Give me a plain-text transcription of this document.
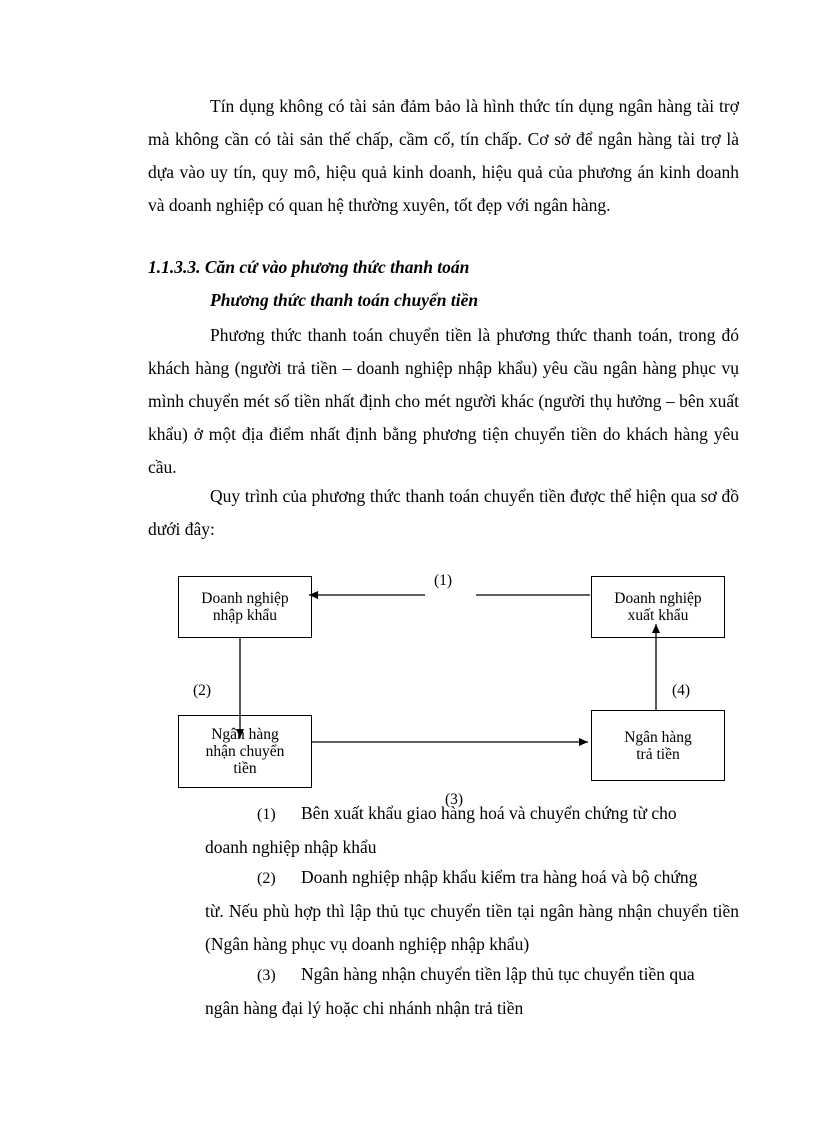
Tín dụng không có tài sản đảm bảo là hình thức tín dụng ngân hàng tài trợ mà không cần có tài sản thế chấp, cầm cố, tín chấp. Cơ sở để ngân hàng tài trợ là dựa vào uy tín, quy mô, hiệu quả kinh doanh, hiệu quả của phương án kinh doanh và doanh nghiệp có quan hệ thường xuyên, tốt đẹp với ngân hàng.

1.1.3.3. Căn cứ vào phương thức thanh toán

Phương thức thanh toán chuyển tiền

Phương thức thanh toán chuyển tiền là phương thức thanh toán, trong đó khách hàng (người trả tiền – doanh nghiệp nhập khẩu) yêu cầu ngân hàng phục vụ mình chuyển mét số tiền nhất định cho mét người khác (người thụ hưởng – bên xuất khẩu) ở một địa điểm nhất định bằng phương tiện chuyển tiền do khách hàng yêu cầu.

Quy trình của phương thức thanh toán chuyển tiền được thể hiện qua sơ đồ dưới đây:

Doanh nghiệp
nhập khẩu
Doanh nghiệp
xuất khẩu
Ngân hàng
nhận chuyển
tiền
Ngân hàng
trả tiền
(1)
(2)
(3)
(4)
(1) Bên xuất khẩu giao hàng hoá và chuyển chứng từ cho
doanh nghiệp nhập khẩu
(2) Doanh nghiệp nhập khẩu kiểm tra hàng hoá và bộ chứng
từ. Nếu phù hợp thì lập thủ tục chuyển tiền tại ngân hàng nhận chuyển tiền (Ngân hàng phục vụ doanh nghiệp nhập khẩu)
(3) Ngân hàng nhận chuyển tiền lập thủ tục chuyển tiền qua
ngân hàng đại lý hoặc chi nhánh nhận trả tiền
